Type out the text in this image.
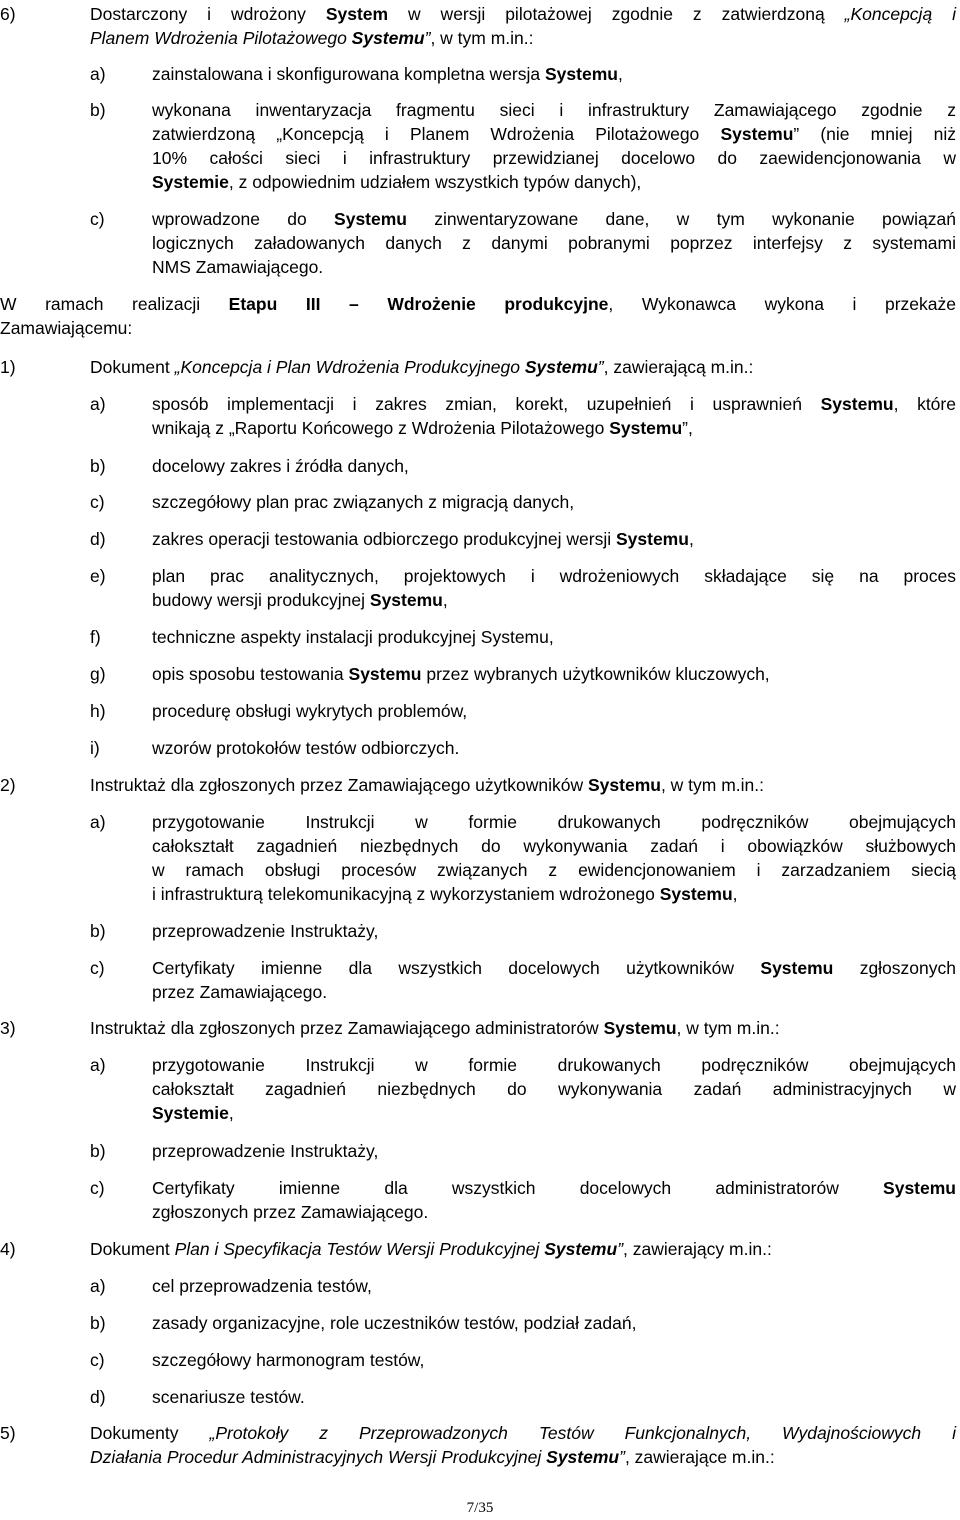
6)	Dostarczony i wdrożony System w wersji pilotażowej zgodnie z zatwierdzoną „Koncepcją i
Planem Wdrożenia Pilotażowego Systemu”, w tym m.in.:
a)	zainstalowana i skonfigurowana kompletna wersja Systemu,
b)	wykonana inwentaryzacja fragmentu sieci i infrastruktury Zamawiającego zgodnie z
zatwierdzoną „Koncepcją i Planem Wdrożenia Pilotażowego Systemu” (nie mniej niż
10% całości sieci i infrastruktury przewidzianej docelowo do zaewidencjonowania w
Systemie, z odpowiednim udziałem wszystkich typów danych),
c)	wprowadzone do Systemu zinwentaryzowane dane, w tym wykonanie powiązań
logicznych załadowanych danych z danymi pobranymi poprzez interfejsy z systemami
NMS Zamawiającego.
W ramach realizacji Etapu III – Wdrożenie produkcyjne, Wykonawca wykona i przekaże
Zamawiającemu:
1)	Dokument „Koncepcja i Plan Wdrożenia Produkcyjnego Systemu”, zawierającą m.in.:
a)	sposób implementacji i zakres zmian, korekt, uzupełnień i usprawnień Systemu, które
wnikają z „Raportu Końcowego z Wdrożenia Pilotażowego Systemu”,
b)	docelowy zakres i źródła danych,
c)	szczegółowy plan prac związanych z migracją danych,
d)	zakres operacji testowania odbiorczego produkcyjnej wersji Systemu,
e)	plan prac analitycznych, projektowych i wdrożeniowych składające się na proces
budowy wersji produkcyjnej Systemu,
f)	techniczne aspekty instalacji produkcyjnej Systemu,
g)	opis sposobu testowania Systemu przez wybranych użytkowników kluczowych,
h)	procedurę obsługi wykrytych problemów,
i)	wzorów protokołów testów odbiorczych.
2)	Instruktaż dla zgłoszonych przez Zamawiającego użytkowników Systemu, w tym m.in.:
a)	przygotowanie Instrukcji w formie drukowanych podręczników obejmujących
całokształt zagadnień niezbędnych do wykonywania zadań i obowiązków służbowych
w ramach obsługi procesów związanych z ewidencjonowaniem i zarzadzaniem siecią
i infrastrukturą telekomunikacyjną z wykorzystaniem wdrożonego Systemu,
b)	przeprowadzenie Instruktaży,
c)	Certyfikaty imienne dla wszystkich docelowych użytkowników Systemu zgłoszonych
przez Zamawiającego.
3)	Instruktaż dla zgłoszonych przez Zamawiającego administratorów Systemu, w tym m.in.:
a)	przygotowanie Instrukcji w formie drukowanych podręczników obejmujących
całokształt zagadnień niezbędnych do wykonywania zadań administracyjnych w
Systemie,
b)	przeprowadzenie Instruktaży,
c)	Certyfikaty imienne dla wszystkich docelowych administratorów Systemu
zgłoszonych przez Zamawiającego.
4)	Dokument Plan i Specyfikacja Testów Wersji Produkcyjnej Systemu”, zawierający m.in.:
a)	cel przeprowadzenia testów,
b)	zasady organizacyjne, role uczestników testów, podział zadań,
c)	szczegółowy harmonogram testów,
d)	scenariusze testów.
5)	Dokumenty „Protokoły z Przeprowadzonych Testów Funkcjonalnych, Wydajnościowych i
Działania Procedur Administracyjnych Wersji Produkcyjnej Systemu”, zawierające m.in.:
7/35
